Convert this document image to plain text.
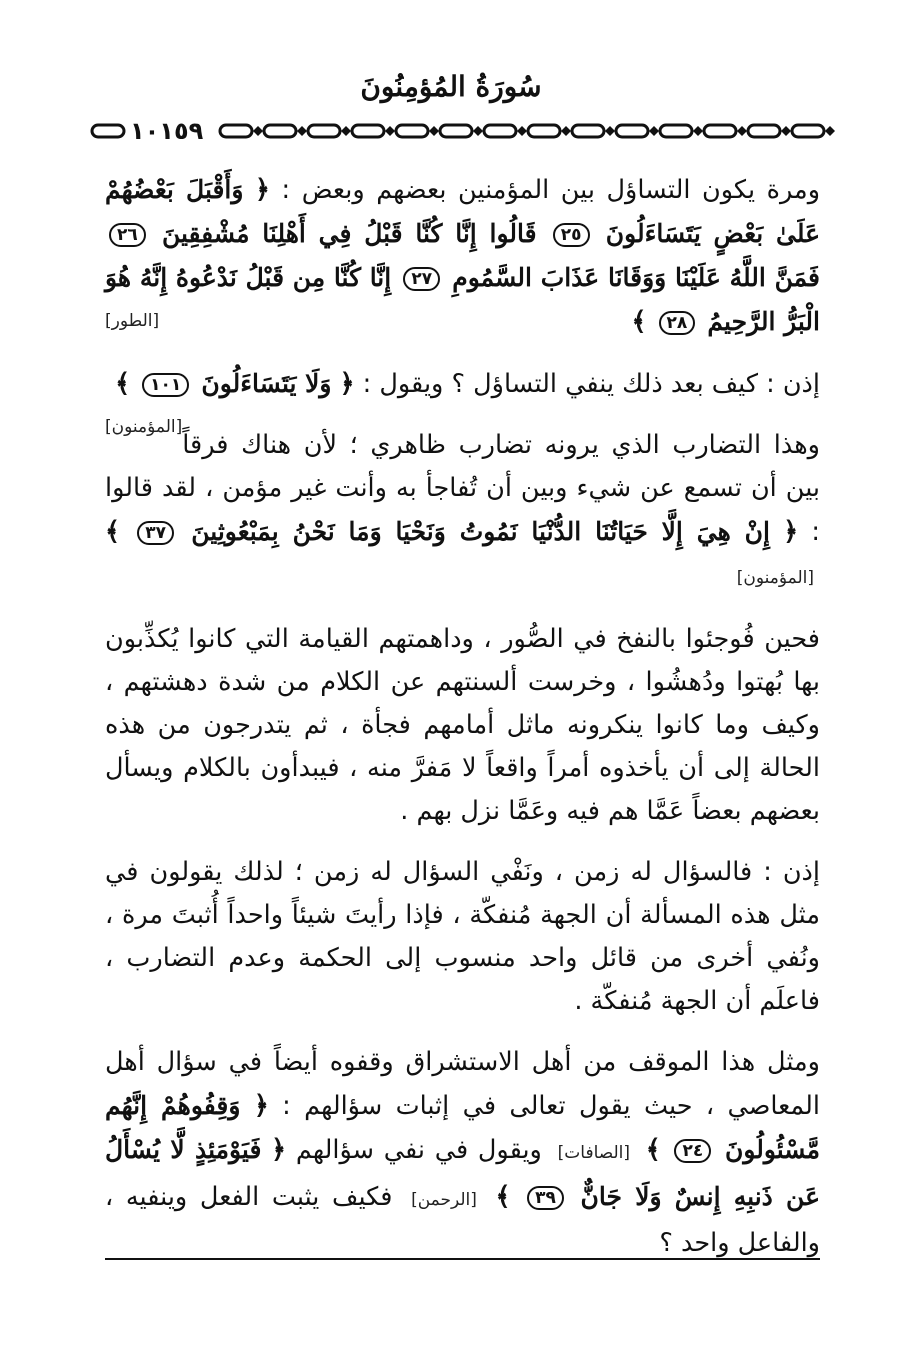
سُورَةُ المُؤمِنُونَ
١٠١٥٩

ومرة يكون التساؤل بين المؤمنين بعضهم وبعض : ﴿ وَأَقْبَلَ بَعْضُهُمْ عَلَىٰ بَعْضٍ يَتَسَاءَلُونَ ٢٥ قَالُوا إِنَّا كُنَّا قَبْلُ فِي أَهْلِنَا مُشْفِقِينَ ٢٦ فَمَنَّ اللَّهُ عَلَيْنَا وَوَقَانَا عَذَابَ السَّمُومِ ٢٧ إِنَّا كُنَّا مِن قَبْلُ نَدْعُوهُ إِنَّهُ هُوَ الْبَرُّ الرَّحِيمُ ٢٨ ﴾
[الطور]

إذن : كيف بعد ذلك ينفي التساؤل ؟ ويقول : ﴿ وَلَا يَتَسَاءَلُونَ ١٠١ ﴾
[المؤمنون]

وهذا التضارب الذي يرونه تضارب ظاهري ؛ لأن هناك فرقاً بين أن تسمع عن شيء وبين أن تُفاجأ به وأنت غير مؤمن ، لقد قالوا : ﴿ إِنْ هِيَ إِلَّا حَيَاتُنَا الدُّنْيَا نَمُوتُ وَنَحْيَا وَمَا نَحْنُ بِمَبْعُوثِينَ ٣٧ ﴾ [المؤمنون]

فحين فُوجئوا بالنفخ في الصُّور ، وداهمتهم القيامة التي كانوا يُكذِّبون بها بُهتوا ودُهشُوا ، وخرست ألسنتهم عن الكلام من شدة دهشتهم ، وكيف وما كانوا ينكرونه ماثل أمامهم فجأة ، ثم يتدرجون من هذه الحالة إلى أن يأخذوه أمراً واقعاً لا مَفرَّ منه ، فيبدأون بالكلام ويسأل بعضهم بعضاً عَمَّا هم فيه وعَمَّا نزل بهم .

إذن : فالسؤال له زمن ، ونَفْي السؤال له زمن ؛ لذلك يقولون في مثل هذه المسألة أن الجهة مُنفكّة ، فإذا رأيتَ شيئاً واحداً أُثبتَ مرة ، ونُفي أخرى من قائل واحد منسوب إلى الحكمة وعدم التضارب ، فاعلَم أن الجهة مُنفكّة .

ومثل هذا الموقف من أهل الاستشراق وقفوه أيضاً في سؤال أهل المعاصي ، حيث يقول تعالى في إثبات سؤالهم : ﴿ وَقِفُوهُمْ إِنَّهُم مَّسْئُولُونَ ٢٤ ﴾ [الصافات] ويقول في نفي سؤالهم ﴿ فَيَوْمَئِذٍ لَّا يُسْأَلُ عَن ذَنبِهِ إِنسٌ وَلَا جَانٌّ ٣٩ ﴾ [الرحمن] فكيف يثبت الفعل وينفيه ، والفاعل واحد ؟
